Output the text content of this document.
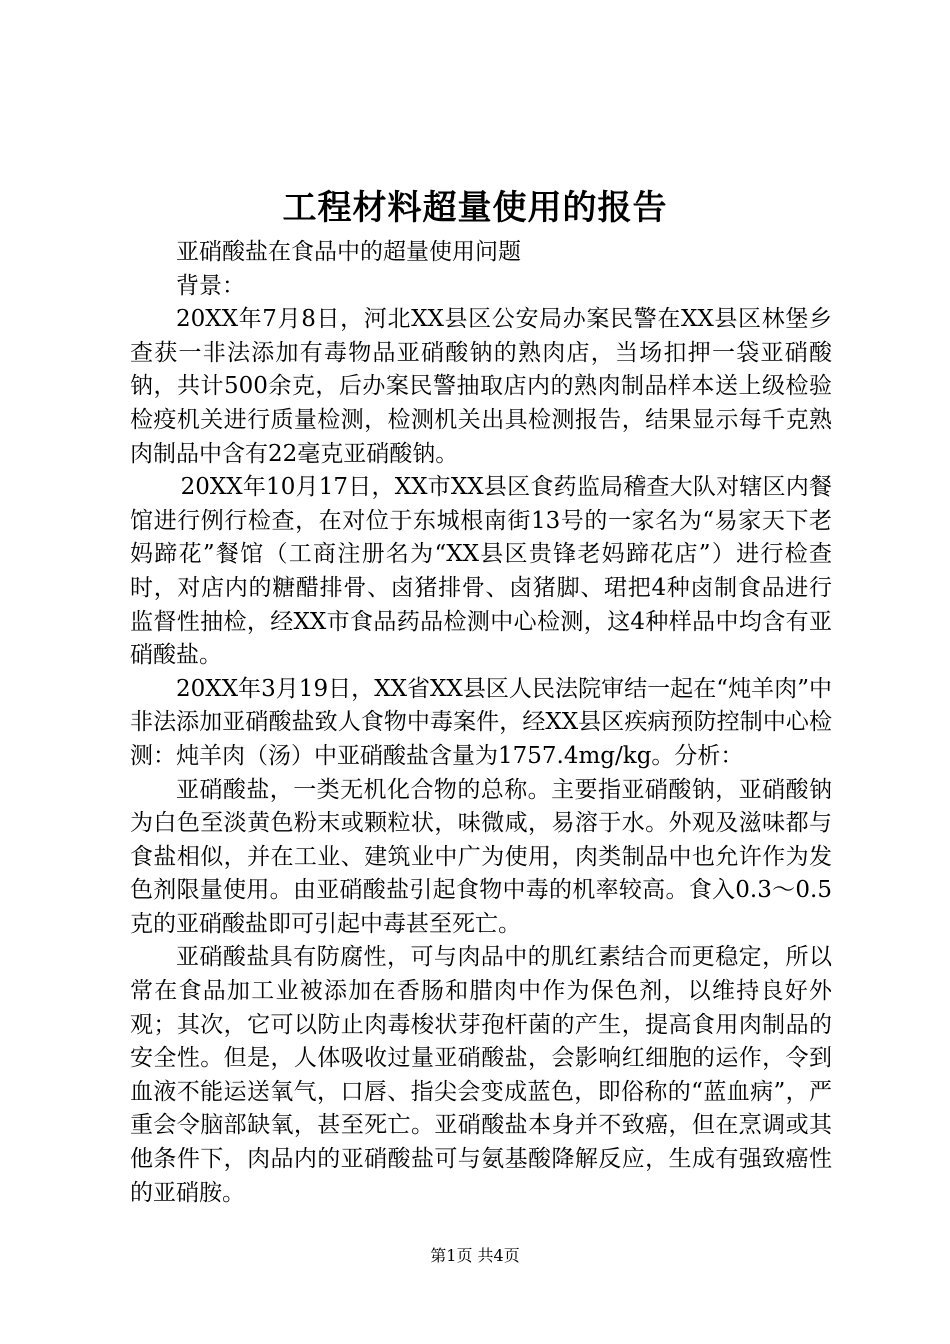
工程材料超量使用的报告

亚硝酸盐在食品中的超量使用问题

背景：

20XX年7月8日，河北XX县区公安局办案民警在XX县区林堡乡查获一非法添加有毒物品亚硝酸钠的熟肉店，当场扣押一袋亚硝酸钠，共计500余克，后办案民警抽取店内的熟肉制品样本送上级检验检疫机关进行质量检测，检测机关出具检测报告，结果显示每千克熟肉制品中含有22毫克亚硝酸钠。

20XX年10月17日，XX市XX县区食药监局稽查大队对辖区内餐馆进行例行检查，在对位于东城根南街13号的一家名为“易家天下老妈蹄花”餐馆（工商注册名为“XX县区贵锋老妈蹄花店”）进行检查时，对店内的糖醋排骨、卤猪排骨、卤猪脚、珺把4种卤制食品进行监督性抽检，经XX市食品药品检测中心检测，这4种样品中均含有亚硝酸盐。

20XX年3月19日，XX省XX县区人民法院审结一起在“炖羊肉”中非法添加亚硝酸盐致人食物中毒案件，经XX县区疾病预防控制中心检测：炖羊肉（汤）中亚硝酸盐含量为1757.4mg/kg。分析：

亚硝酸盐，一类无机化合物的总称。主要指亚硝酸钠，亚硝酸钠为白色至淡黄色粉末或颗粒状，味微咸，易溶于水。外观及滋味都与食盐相似，并在工业、建筑业中广为使用，肉类制品中也允许作为发色剂限量使用。由亚硝酸盐引起食物中毒的机率较高。食入0.3～0.5克的亚硝酸盐即可引起中毒甚至死亡。

亚硝酸盐具有防腐性，可与肉品中的肌红素结合而更稳定，所以常在食品加工业被添加在香肠和腊肉中作为保色剂，以维持良好外观；其次，它可以防止肉毒梭状芽孢杆菌的产生，提高食用肉制品的安全性。但是，人体吸收过量亚硝酸盐，会影响红细胞的运作，令到血液不能运送氧气，口唇、指尖会变成蓝色，即俗称的“蓝血病”，严重会令脑部缺氧，甚至死亡。亚硝酸盐本身并不致癌，但在烹调或其他条件下，肉品内的亚硝酸盐可与氨基酸降解反应，生成有强致癌性的亚硝胺。

第1页 共4页
